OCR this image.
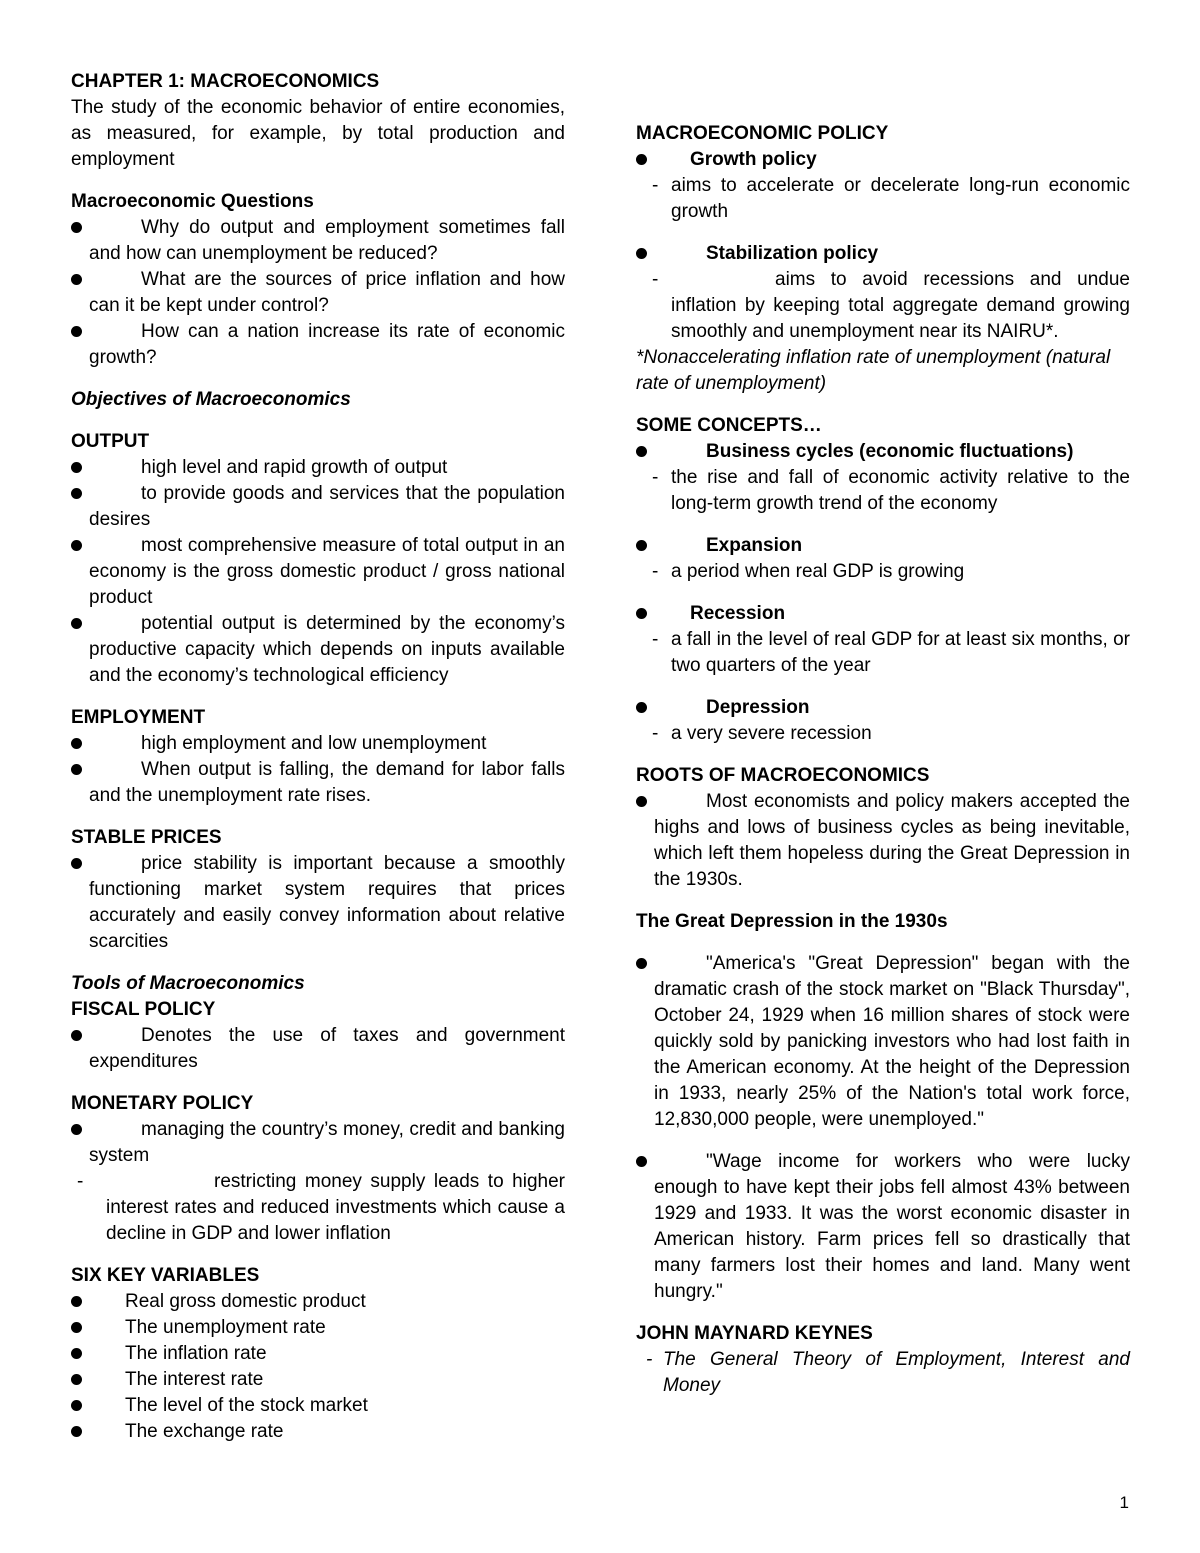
CHAPTER 1: MACROECONOMICS

The study of the economic behavior of entire economies, as measured, for example, by total production and employment

Macroeconomic Questions

Why do output and employment sometimes fall and how can unemployment be reduced?
What are the sources of price inflation and how can it be kept under control?
How can a nation increase its rate of economic growth?

Objectives of Macroeconomics

OUTPUT

high level and rapid growth of output
to provide goods and services that the population desires
most comprehensive measure of total output in an economy is the gross domestic product / gross national product
potential output is determined by the economy’s productive capacity which depends on inputs available and the economy’s technological efficiency

EMPLOYMENT

high employment and low unemployment
When output is falling, the demand for labor falls and the unemployment rate rises.

STABLE PRICES

price stability is important because a smoothly functioning market system requires that prices accurately and easily convey information about relative scarcities

Tools of Macroeconomics

FISCAL POLICY

Denotes the use of taxes and government expenditures

MONETARY POLICY

managing the country’s money, credit and banking system
-	restricting money supply leads to higher interest rates and reduced investments which cause a decline in GDP and lower inflation

SIX KEY VARIABLES

Real gross domestic product
The unemployment rate
The inflation rate
The interest rate
The level of the stock market
The exchange rate

MACROECONOMIC POLICY

Growth policy
- aims to accelerate or decelerate long-run economic growth
Stabilization policy
-	aims to avoid recessions and undue inflation by keeping total aggregate demand growing smoothly and unemployment near its NAIRU*.

*Nonaccelerating inflation rate of unemployment (natural rate of unemployment)

SOME CONCEPTS…

Business cycles (economic fluctuations)
- the rise and fall of economic activity relative to the long-term growth trend of the economy
Expansion
- a period when real GDP is growing
Recession
- a fall in the level of real GDP for at least six months, or two quarters of the year
Depression
- a very severe recession

ROOTS OF MACROECONOMICS

Most economists and policy makers accepted the highs and lows of business cycles as being inevitable, which left them hopeless during the Great Depression in the 1930s.

The Great Depression in the 1930s

"America's "Great Depression" began with the dramatic crash of the stock market on "Black Thursday", October 24, 1929 when 16 million shares of stock were quickly sold by panicking investors who had lost faith in the American economy. At the height of the Depression in 1933, nearly 25% of the Nation's total work force, 12,830,000 people, were unemployed."
"Wage income for workers who were lucky enough to have kept their jobs fell almost 43% between 1929 and 1933. It was the worst economic disaster in American history. Farm prices fell so drastically that many farmers lost their homes and land. Many went hungry."

JOHN MAYNARD KEYNES

- The General Theory of Employment, Interest and Money
1
